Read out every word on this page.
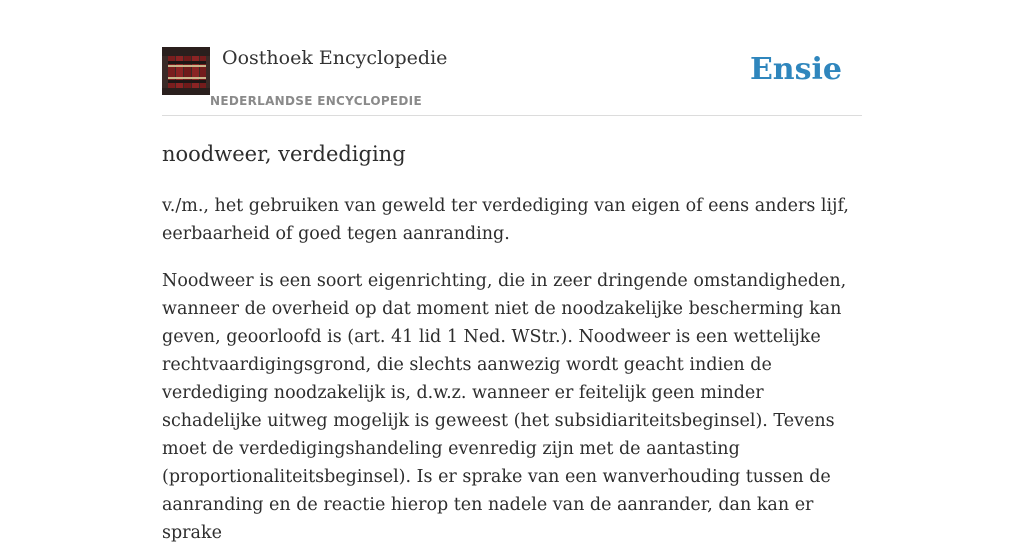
Oosthoek Encyclopedie
NEDERLANDSE ENCYCLOPEDIE
Ensie
noodweer, verdediging

v./m., het gebruiken van geweld ter verdediging van eigen of eens anders lijf, eerbaarheid of goed tegen aanranding.

Noodweer is een soort eigenrichting, die in zeer dringende omstandigheden, wanneer de overheid op dat moment niet de noodzakelijke bescherming kan geven, geoorloofd is (art. 41 lid 1 Ned. WStr.). Noodweer is een wettelijke rechtvaardigingsgrond, die slechts aanwezig wordt geacht indien de verdediging noodzakelijk is, d.w.z. wanneer er feitelijk geen minder schadelijke uitweg mogelijk is geweest (het subsidiariteitsbeginsel). Tevens moet de verdedigingshandeling evenredig zijn met de aantasting (proportionaliteitsbeginsel). Is er sprake van een wanverhouding tussen de aanranding en de reactie hierop ten nadele van de aanrander, dan kan er sprake
